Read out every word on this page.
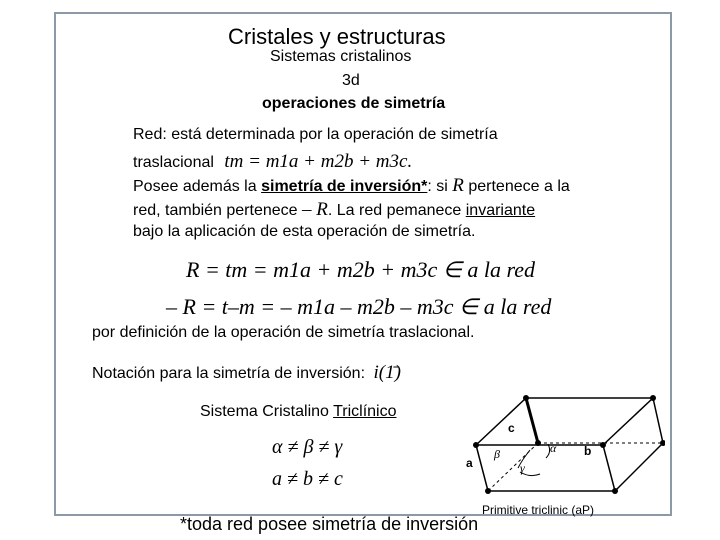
Cristales y estructuras
Sistemas cristalinos
3d
operaciones de simetría
Red: está determinada por la operación de simetría
traslacional tm = m1a + m2b + m3c.
Posee además la simetría de inversión*: si R pertenece a la
red, también pertenece – R. La red pemanece invariante
bajo la aplicación de esta operación de simetría.
R = tm = m1a + m2b + m3c ∈ a la red
– R = t–m = – m1a – m2b – m3c ∈ a la red
por definición de la operación de simetría traslacional.
Notación para la simetría de inversión: i(1̄)
Sistema Cristalino Triclínico
α ≠ β ≠ γ
a ≠ b ≠ c
*toda red posee simetría de inversión
a
b
c
α
β
γ
Primitive triclinic (aP)
